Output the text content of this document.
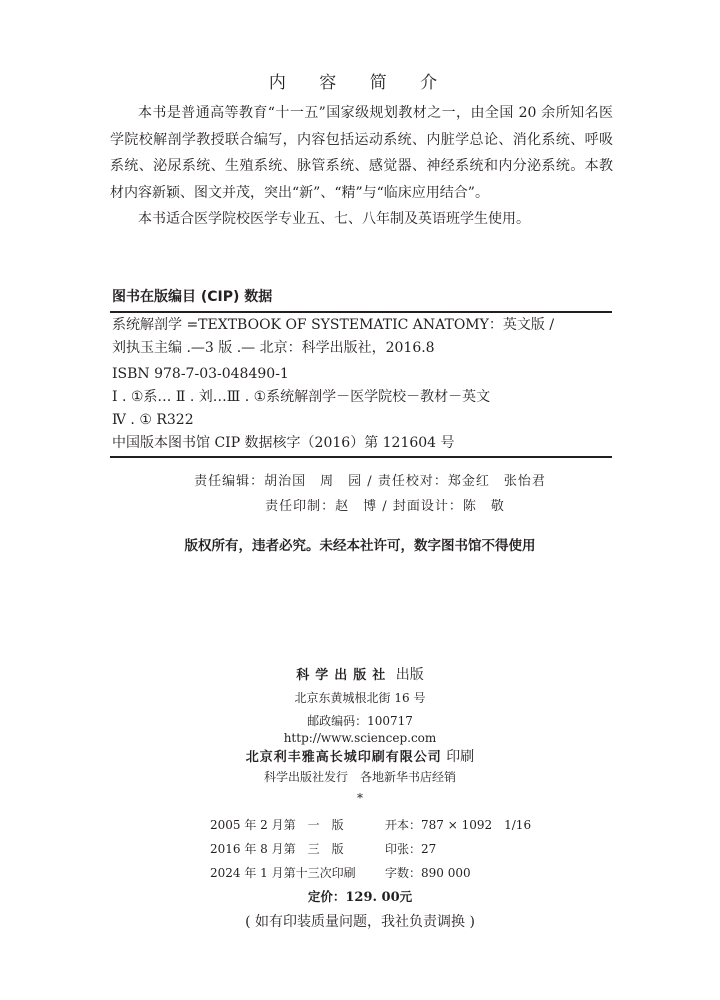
内 容 简 介

本书是普通高等教育“十一五”国家级规划教材之一，由全国 20 余所知名医学院校解剖学教授联合编写，内容包括运动系统、内脏学总论、消化系统、呼吸系统、泌尿系统、生殖系统、脉管系统、感觉器、神经系统和内分泌系统。本教材内容新颖、图文并茂，突出“新”、“精”与“临床应用结合”。

本书适合医学院校医学专业五、七、八年制及英语班学生使用。

图书在版编目 (CIP) 数据
系统解剖学 =TEXTBOOK OF SYSTEMATIC ANATOMY：英文版 /
刘执玉主编 .—3 版 .— 北京：科学出版社，2016.8
ISBN 978-7-03-048490-1
Ⅰ . ①系… Ⅱ . 刘…Ⅲ . ①系统解剖学－医学院校－教材－英文
Ⅳ . ① R322
中国版本图书馆 CIP 数据核字（2016）第 121604 号
责任编辑：胡治国　周　园 / 责任校对：郑金红　张怡君
责任印制：赵　博 / 封面设计：陈　敬
版权所有，违者必究。未经本社许可，数字图书馆不得使用
科学出版社 出版
北京东黄城根北街 16 号
邮政编码：100717
http://www.sciencep.com
北京利丰雅高长城印刷有限公司 印刷
科学出版社发行　各地新华书店经销
*
2005 年 2 月第　一　版	开本：787 × 1092　1/16
2016 年 8 月第　三　版	印张：27
2024 年 1 月第十三次印刷 字数：890 000
定价：129. 00元
( 如有印装质量问题，我社负责调换 )
